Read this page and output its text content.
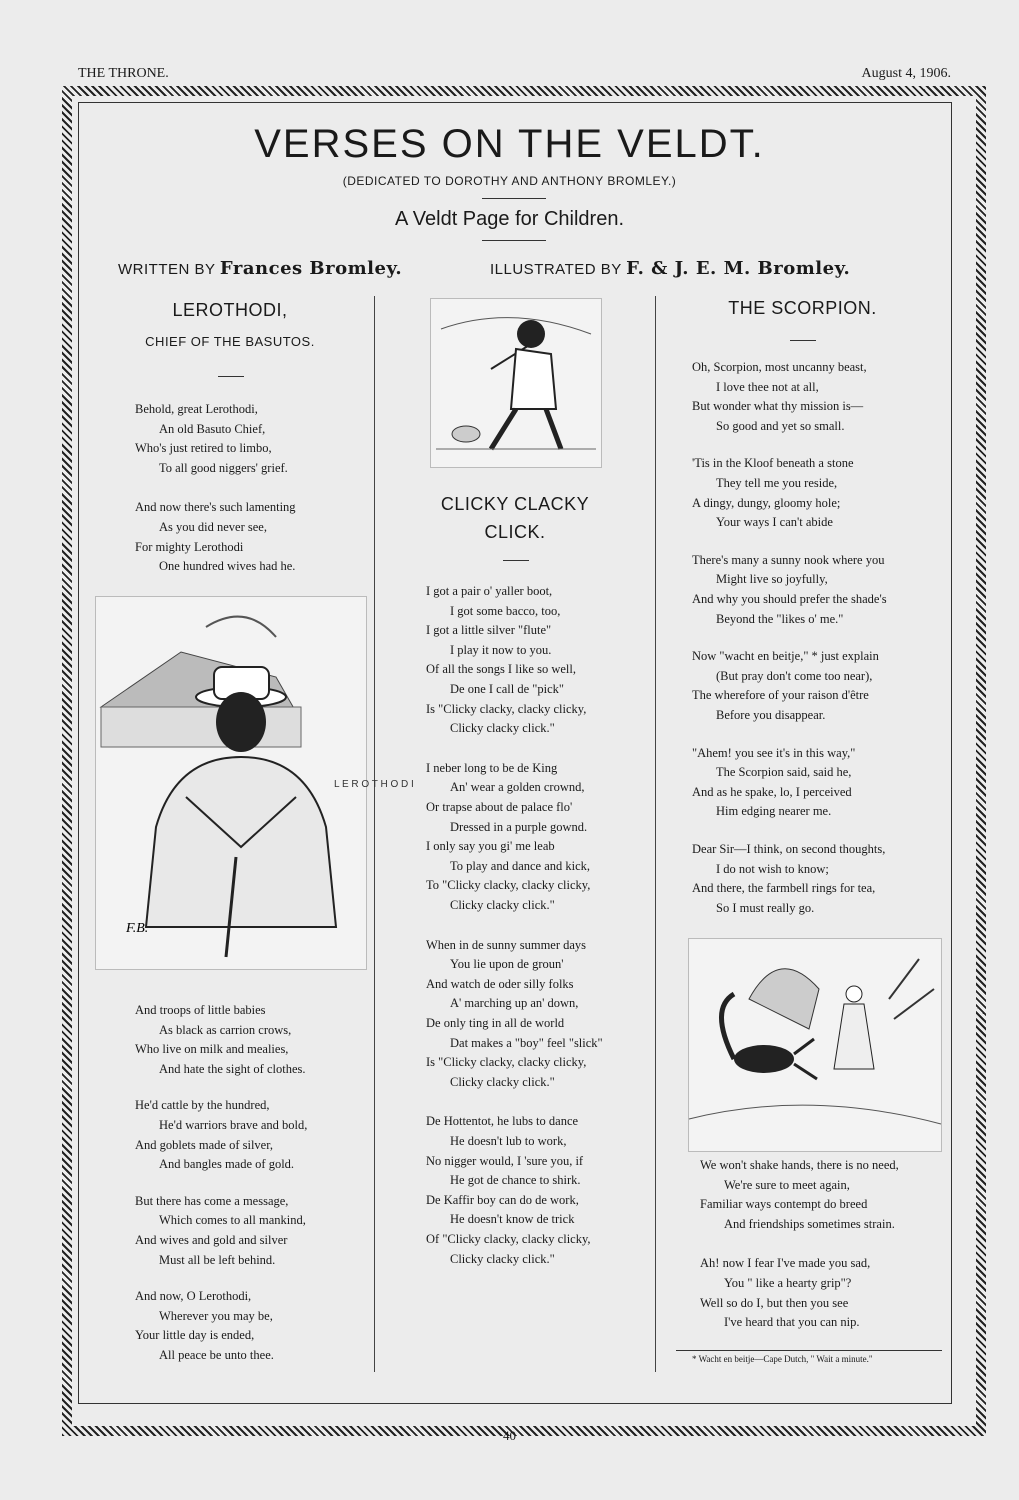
THE THRONE.	August 4, 1906.
VERSES ON THE VELDT.
(DEDICATED TO DOROTHY AND ANTHONY BROMLEY.)
A Veldt Page for Children.
WRITTEN BY Frances Bromley.	ILLUSTRATED BY F. & J. E. M. Bromley.
LEROTHODI,
CHIEF OF THE BASUTOS.
Behold, great Lerothodi,
An old Basuto Chief,
Who's just retired to limbo,
To all good niggers' grief.
And now there's such lamenting
As you did never see,
For mighty Lerothodi
One hundred wives had he.
F.B.
L E R O T H O D I
And troops of little babies
As black as carrion crows,
Who live on milk and mealies,
And hate the sight of clothes.
He'd cattle by the hundred,
He'd warriors brave and bold,
And goblets made of silver,
And bangles made of gold.
But there has come a message,
Which comes to all mankind,
And wives and gold and silver
Must all be left behind.
And now, O Lerothodi,
Wherever you may be,
Your little day is ended,
All peace be unto thee.
CLICKY CLACKY
CLICK.
I got a pair o' yaller boot,
I got some bacco, too,
I got a little silver "flute"
I play it now to you.
Of all the songs I like so well,
De one I call de "pick"
Is "Clicky clacky, clacky clicky,
Clicky clacky click."
I neber long to be de King
An' wear a golden crownd,
Or trapse about de palace flo'
Dressed in a purple gownd.
I only say you gi' me leab
To play and dance and kick,
To "Clicky clacky, clacky clicky,
Clicky clacky click."
When in de sunny summer days
You lie upon de groun'
And watch de oder silly folks
A' marching up an' down,
De only ting in all de world
Dat makes a "boy" feel "slick"
Is "Clicky clacky, clacky clicky,
Clicky clacky click."
De Hottentot, he lubs to dance
He doesn't lub to work,
No nigger would, I 'sure you, if
He got de chance to shirk.
De Kaffir boy can do de work,
He doesn't know de trick
Of "Clicky clacky, clacky clicky,
Clicky clacky click."
THE SCORPION.
Oh, Scorpion, most uncanny beast,
I love thee not at all,
But wonder what thy mission is—
So good and yet so small.
'Tis in the Kloof beneath a stone
They tell me you reside,
A dingy, dungy, gloomy hole;
Your ways I can't abide
There's many a sunny nook where you
Might live so joyfully,
And why you should prefer the shade's
Beyond the "likes o' me."
Now "wacht en beitje," * just explain
(But pray don't come too near),
The wherefore of your raison d'être
Before you disappear.
"Ahem! you see it's in this way,"
The Scorpion said, said he,
And as he spake, lo, I perceived
Him edging nearer me.
Dear Sir—I think, on second thoughts,
I do not wish to know;
And there, the farmbell rings for tea,
So I must really go.
We won't shake hands, there is no need,
We're sure to meet again,
Familiar ways contempt do breed
And friendships sometimes strain.
Ah! now I fear I've made you sad,
You " like a hearty grip"?
Well so do I, but then you see
I've heard that you can nip.
* Wacht en beitje—Cape Dutch, " Wait a minute."
40
